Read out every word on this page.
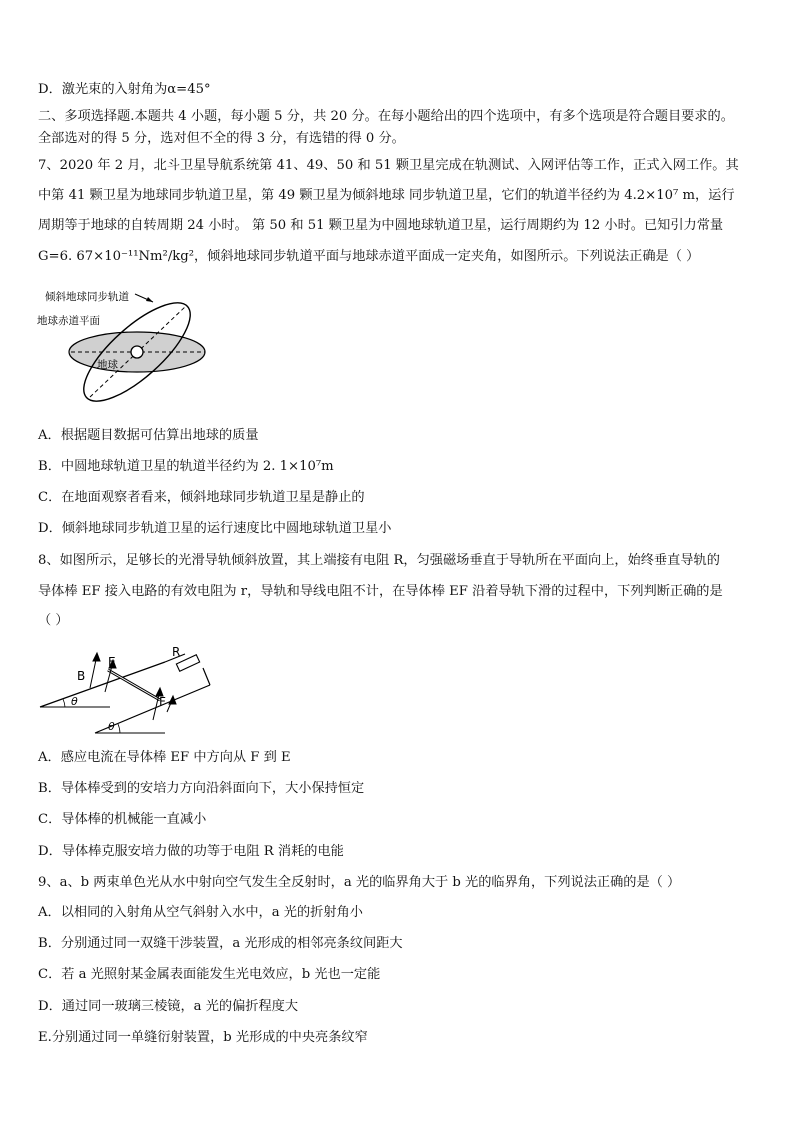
D．激光束的入射角为α=45°
二、多项选择题.本题共 4 小题，每小题 5 分，共 20 分。在每小题给出的四个选项中，有多个选项是符合题目要求的。
全部选对的得 5 分，选对但不全的得 3 分，有选错的得 0 分。
7、2020 年 2 月，北斗卫星导航系统第 41、49、50 和 51 颗卫星完成在轨测试、入网评估等工作，正式入网工作。其
中第 41 颗卫星为地球同步轨道卫星，第 49 颗卫星为倾斜地球 同步轨道卫星，它们的轨道半径约为 4.2×10⁷ m，运行
周期等于地球的自转周期 24 小时。 第 50 和 51 颗卫星为中圆地球轨道卫星，运行周期约为 12 小时。已知引力常量
G=6. 67×10⁻¹¹Nm²/kg²，倾斜地球同步轨道平面与地球赤道平面成一定夹角，如图所示。下列说法正确是（ ）
倾斜地球同步轨道
地球赤道平面
地球
A．根据题目数据可估算出地球的质量
B．中圆地球轨道卫星的轨道半径约为 2. 1×10⁷m
C．在地面观察者看来，倾斜地球同步轨道卫星是静止的
D．倾斜地球同步轨道卫星的运行速度比中圆地球轨道卫星小
8、如图所示，足够长的光滑导轨倾斜放置，其上端接有电阻 R，匀强磁场垂直于导轨所在平面向上，始终垂直导轨的
导体棒 EF 接入电路的有效电阻为 r，导轨和导线电阻不计，在导体棒 EF 沿着导轨下滑的过程中，下列判断正确的是
（ ）
R
E
B
F
θ
θ
A．感应电流在导体棒 EF 中方向从 F 到 E
B．导体棒受到的安培力方向沿斜面向下，大小保持恒定
C．导体棒的机械能一直减小
D．导体棒克服安培力做的功等于电阻 R 消耗的电能
9、a、b 两束单色光从水中射向空气发生全反射时，a 光的临界角大于 b 光的临界角，下列说法正确的是（ ）
A．以相同的入射角从空气斜射入水中，a 光的折射角小
B．分别通过同一双缝干涉装置，a 光形成的相邻亮条纹间距大
C．若 a 光照射某金属表面能发生光电效应，b 光也一定能
D．通过同一玻璃三棱镜，a 光的偏折程度大
E.分别通过同一单缝衍射装置，b 光形成的中央亮条纹窄
